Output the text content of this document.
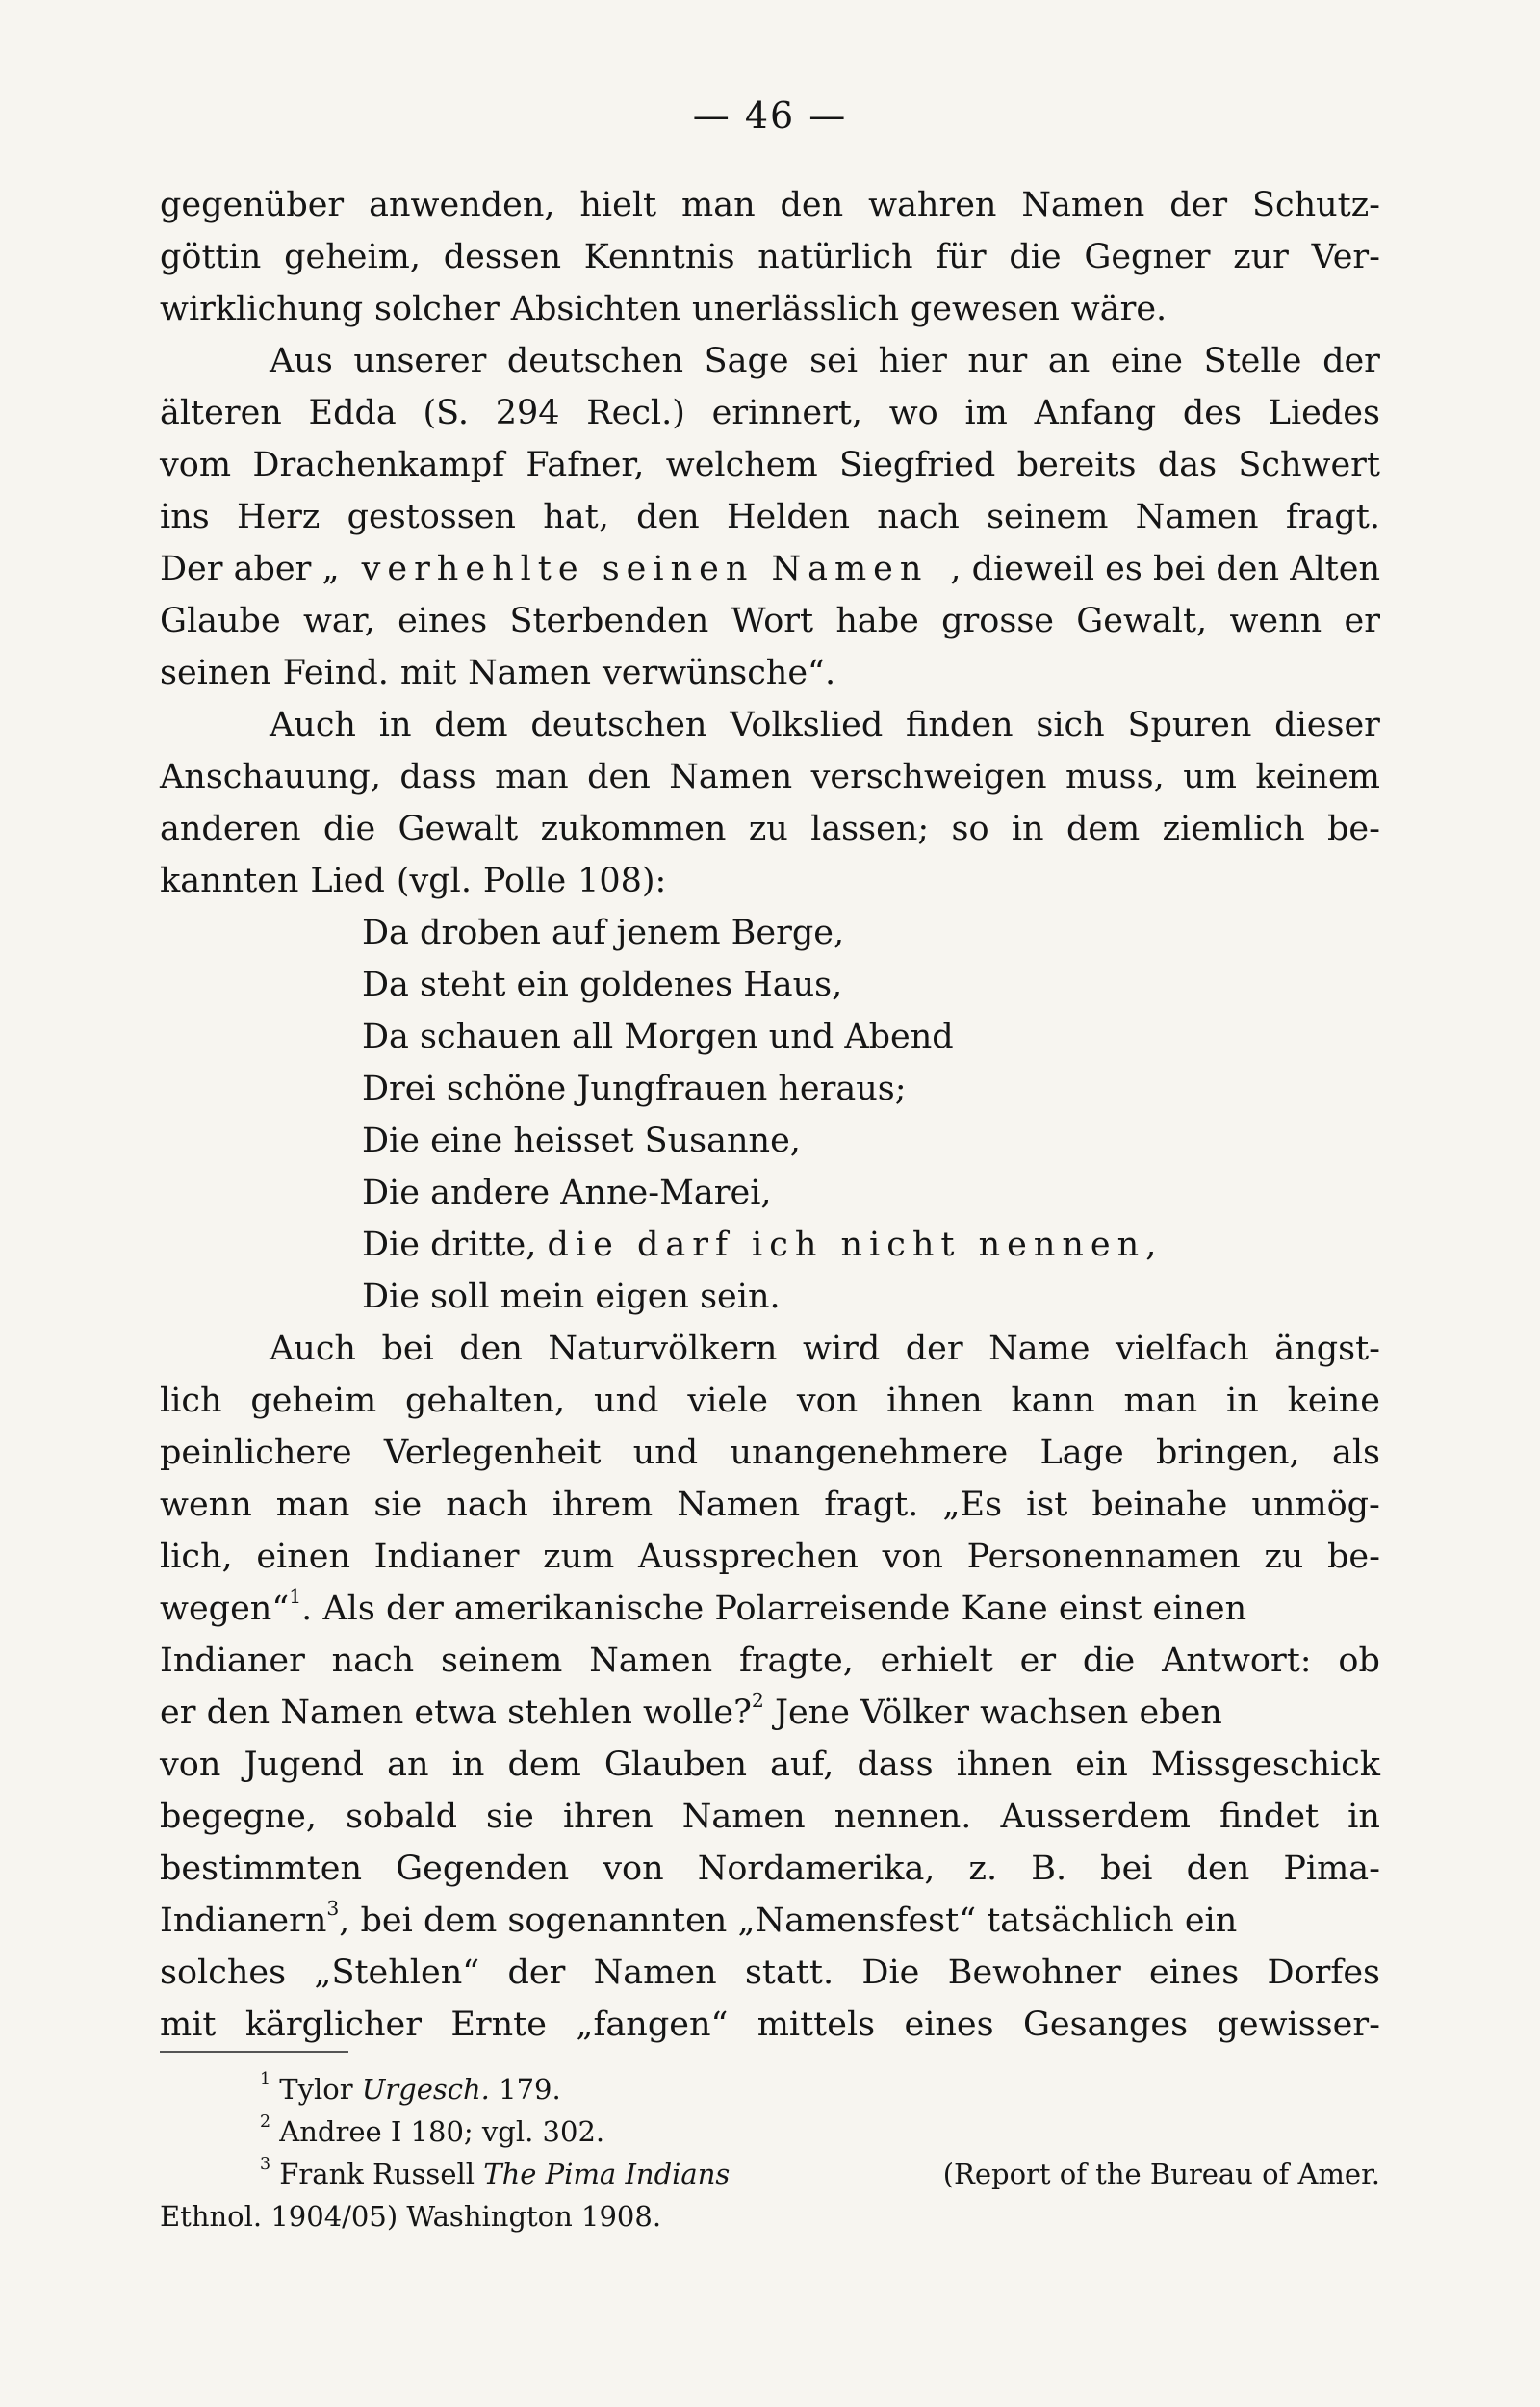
— 46 —
gegenüber anwenden, hielt man den wahren Namen der Schutz-
göttin geheim, dessen Kenntnis natürlich für die Gegner zur Ver-
wirklichung solcher Absichten unerlässlich gewesen wäre.
Aus unserer deutschen Sage sei hier nur an eine Stelle der
älteren Edda (S. 294 Recl.) erinnert, wo im Anfang des Liedes
vom Drachenkampf Fafner, welchem Siegfried bereits das Schwert
ins Herz gestossen hat, den Helden nach seinem Namen fragt.
Der aber „ verhehlte seinen Namen , dieweil es bei den Alten
Glaube war, eines Sterbenden Wort habe grosse Gewalt, wenn er
seinen Feind. mit Namen verwünsche“.
Auch in dem deutschen Volkslied finden sich Spuren dieser
Anschauung, dass man den Namen verschweigen muss, um keinem
anderen die Gewalt zukommen zu lassen; so in dem ziemlich be-
kannten Lied (vgl. Polle 108):
Da droben auf jenem Berge,
Da steht ein goldenes Haus,
Da schauen all Morgen und Abend
Drei schöne Jungfrauen heraus;
Die eine heisset Susanne,
Die andere Anne-Marei,
Die dritte, die darf ich nicht nennen,
Die soll mein eigen sein.
Auch bei den Naturvölkern wird der Name vielfach ängst-
lich geheim gehalten, und viele von ihnen kann man in keine
peinlichere Verlegenheit und unangenehmere Lage bringen, als
wenn man sie nach ihrem Namen fragt. „Es ist beinahe unmög-
lich, einen Indianer zum Aussprechen von Personennamen zu be-
wegen“$^1$. Als der amerikanische Polarreisende Kane einst einen
Indianer nach seinem Namen fragte, erhielt er die Antwort: ob
er den Namen etwa stehlen wolle?$^2$ Jene Völker wachsen eben
von Jugend an in dem Glauben auf, dass ihnen ein Missgeschick
begegne, sobald sie ihren Namen nennen. Ausserdem findet in
bestimmten Gegenden von Nordamerika, z. B. bei den Pima-
Indianern$^3$, bei dem sogenannten „Namensfest“ tatsächlich ein
solches „Stehlen“ der Namen statt. Die Bewohner eines Dorfes
mit kärglicher Ernte „fangen“ mittels eines Gesanges gewisser-
$^1$ Tylor Urgesch. 179.
$^2$ Andree I 180; vgl. 302.
$^3$ Frank Russell The Pima Indians	(Report of the Bureau of Amer.
Ethnol. 1904/05) Washington 1908.
